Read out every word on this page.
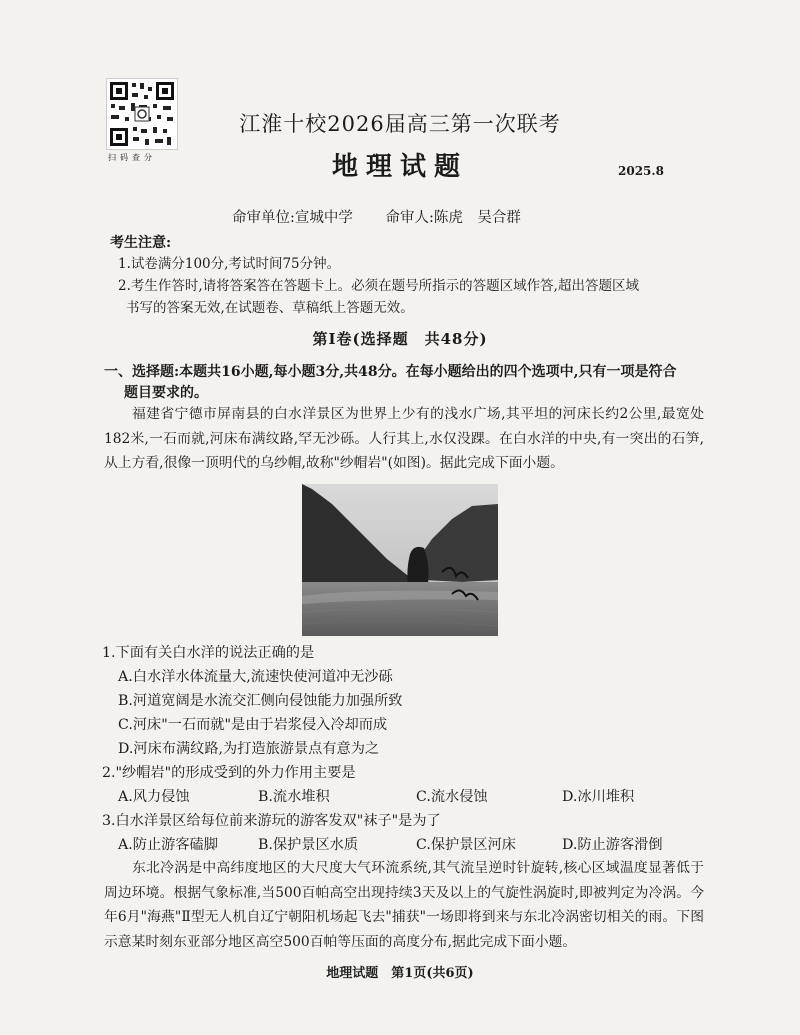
扫码查分
江淮十校2026届高三第一次联考
地理试题	2025.8
命审单位:宣城中学 命审人:陈虎　吴合群
考生注意:
1.试卷满分100分,考试时间75分钟。
2.考生作答时,请将答案答在答题卡上。必须在题号所指示的答题区域作答,超出答题区域
书写的答案无效,在试题卷、草稿纸上答题无效。
第Ⅰ卷(选择题　共48分)
一、选择题:本题共16小题,每小题3分,共48分。在每小题给出的四个选项中,只有一项是符合
题目要求的。
福建省宁德市屏南县的白水洋景区为世界上少有的浅水广场,其平坦的河床长约2公里,最宽处182米,一石而就,河床布满纹路,罕无沙砾。人行其上,水仅没踝。在白水洋的中央,有一突出的石笋,从上方看,很像一顶明代的乌纱帽,故称"纱帽岩"(如图)。据此完成下面小题。
1.下面有关白水洋的说法正确的是
A.白水洋水体流量大,流速快使河道冲无沙砾
B.河道宽阔是水流交汇侧向侵蚀能力加强所致
C.河床"一石而就"是由于岩浆侵入冷却而成
D.河床布满纹路,为打造旅游景点有意为之
2."纱帽岩"的形成受到的外力作用主要是
A.风力侵蚀	B.流水堆积	C.流水侵蚀	D.冰川堆积
3.白水洋景区给每位前来游玩的游客发双"袜子"是为了
A.防止游客磕脚	B.保护景区水质	C.保护景区河床	D.防止游客滑倒
东北冷涡是中高纬度地区的大尺度大气环流系统,其气流呈逆时针旋转,核心区域温度显著低于周边环境。根据气象标准,当500百帕高空出现持续3天及以上的气旋性涡旋时,即被判定为冷涡。今年6月"海燕"Ⅱ型无人机自辽宁朝阳机场起飞去"捕获"一场即将到来与东北冷涡密切相关的雨。下图示意某时刻东亚部分地区高空500百帕等压面的高度分布,据此完成下面小题。
地理试题　第1页(共6页)
